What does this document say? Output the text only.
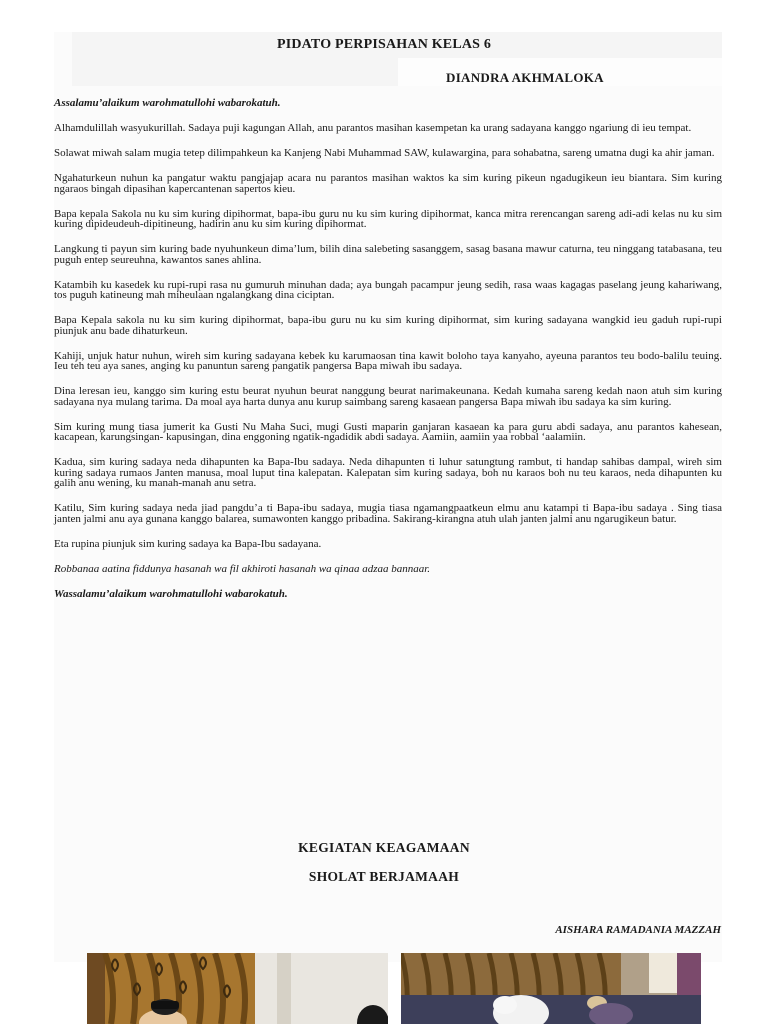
PIDATO PERPISAHAN KELAS 6
DIANDRA AKHMALOKA

Assalamu’alaikum warohmatullohi wabarokatuh.

Alhamdulillah wasyukurillah. Sadaya puji kagungan Allah, anu parantos masihan kasempetan ka urang sadayana kanggo ngariung di ieu tempat.

Solawat miwah salam mugia tetep dilimpahkeun ka Kanjeng Nabi Muhammad SAW, kulawargina, para sohabatna, sareng umatna dugi ka ahir jaman.

Ngahaturkeun nuhun ka pangatur waktu pangjajap acara nu parantos masihan waktos ka sim kuring pikeun ngadugikeun ieu biantara. Sim kuring ngaraos bingah dipasihan kapercantenan sapertos kieu.

Bapa kepala Sakola nu ku sim kuring dipihormat, bapa-ibu guru nu ku sim kuring dipihormat, kanca mitra rerencangan sareng adi-adi kelas nu ku sim kuring dipideudeuh-dipitineung, hadirin anu ku sim kuring dipihormat.

Langkung ti payun sim kuring bade nyuhunkeun dima’lum, bilih dina salebeting sasanggem, sasag basana mawur caturna, teu ninggang tatabasana, teu puguh entep seureuhna, kawantos sanes ahlina.

Katambih ku kasedek ku rupi-rupi rasa nu gumuruh minuhan dada; aya bungah pacampur jeung sedih, rasa waas kagagas paselang jeung kahariwang, tos puguh katineung mah miheulaan ngalangkang dina ciciptan.

Bapa Kepala sakola nu ku sim kuring dipihormat, bapa-ibu guru nu ku sim kuring dipihormat, sim kuring sadayana wangkid ieu gaduh rupi-rupi piunjuk anu bade dihaturkeun.

Kahiji, unjuk hatur nuhun, wireh sim kuring sadayana kebek ku karumaosan tina kawit boloho taya kanyaho, ayeuna parantos teu bodo-balilu teuing. Ieu teh teu aya sanes, anging ku panuntun sareng pangatik pangersa Bapa miwah ibu sadaya.

Dina leresan ieu, kanggo sim kuring estu beurat nyuhun beurat nanggung beurat narimakeunana. Kedah kumaha sareng kedah naon atuh sim kuring sadayana nya mulang tarima. Da moal aya harta dunya anu kurup saimbang sareng kasaean pangersa Bapa miwah ibu sadaya ka sim kuring.

Sim kuring mung tiasa jumerit ka Gusti Nu Maha Suci, mugi Gusti maparin ganjaran kasaean ka para guru abdi sadaya, anu parantos kahesean, kacapean, karungsingan- kapusingan, dina enggoning ngatik-ngadidik abdi sadaya. Aamiin, aamiin yaa robbal ‘aalamiin.

Kadua, sim kuring sadaya neda dihapunten ka Bapa-Ibu sadaya. Neda dihapunten ti luhur satungtung rambut, ti handap sahibas dampal, wireh sim kuring sadaya rumaos Janten manusa, moal luput tina kalepatan. Kalepatan sim kuring sadaya, boh nu karaos boh nu teu karaos, neda dihapunten ku galih anu wening, ku manah-manah anu setra.

Katilu, Sim kuring sadaya neda jiad pangdu’a ti Bapa-ibu sadaya, mugia tiasa ngamangpaatkeun elmu anu katampi ti Bapa-ibu sadaya . Sing tiasa janten jalmi anu aya gunana kanggo balarea, sumawonten kanggo pribadina. Sakirang-kirangna atuh ulah janten jalmi anu ngarugikeun batur.

Eta rupina piunjuk sim kuring sadaya ka Bapa-Ibu sadayana.

Robbanaa aatina fiddunya hasanah wa fil akhiroti hasanah wa qinaa adzaa bannaar.

Wassalamu’alaikum warohmatullohi wabarokatuh.

KEGIATAN KEAGAMAAN
SHOLAT BERJAMAAH
AISHARA RAMADANIA MAZZAH
